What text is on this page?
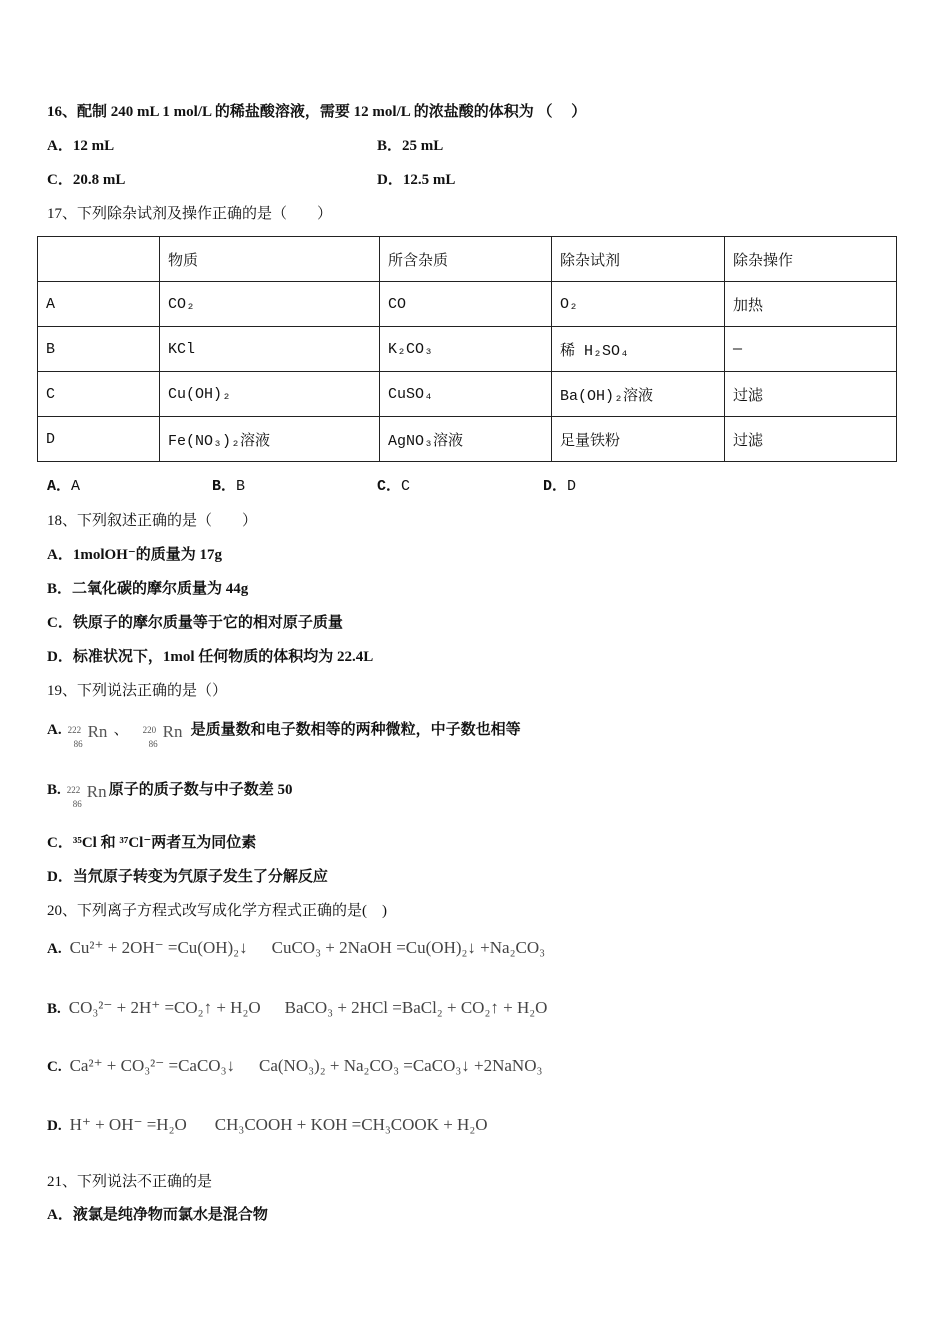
16、配制 240 mL 1 mol/L 的稀盐酸溶液，需要 12 mol/L 的浓盐酸的体积为 （　 ）
A．12 mL	B．25 mL
C．20.8 mL	D．12.5 mL
17、下列除杂试剂及操作正确的是（　　）
	物质	所含杂质	除杂试剂	除杂操作
A	CO₂	CO	O₂	加热
B	KCl	K₂CO₃	稀 H₂SO₄	—
C	Cu(OH)₂	CuSO₄	Ba(OH)₂溶液	过滤
D	Fe(NO₃)₂溶液	AgNO₃溶液	足量铁粉	过滤
A．A	B．B	C．C	D．D
18、下列叙述正确的是（　　）
A．1molOH⁻的质量为 17g
B．二氧化碳的摩尔质量为 44g
C．铁原子的摩尔质量等于它的相对原子质量
D．标准状况下，1mol 任何物质的体积均为 22.4L
19、下列说法正确的是（）
A. 222
86
Rn 、 220
86
Rn 是质量数和电子数相等的两种微粒，中子数也相等
B. 222
86
Rn 原子的质子数与中子数差 50
C．³⁵Cl 和 ³⁷Cl⁻两者互为同位素
D．当氘原子转变为氕原子发生了分解反应
20、下列离子方程式改写成化学方程式正确的是(　)
A. Cu²⁺ + 2OH⁻ =Cu(OH)₂↓ CuCO₃ + 2NaOH =Cu(OH)₂↓ +Na₂CO₃
B. CO₃²⁻ + 2H⁺ =CO₂↑ + H₂O BaCO₃ + 2HCl =BaCl₂ + CO₂↑ + H₂O
C. Ca²⁺ + CO₃²⁻ =CaCO₃↓ Ca(NO₃)₂ + Na₂CO₃ =CaCO₃↓ +2NaNO₃
D. H⁺ + OH⁻ =H₂O CH₃COOH + KOH =CH₃COOK + H₂O
21、下列说法不正确的是
A．液氯是纯净物而氯水是混合物
